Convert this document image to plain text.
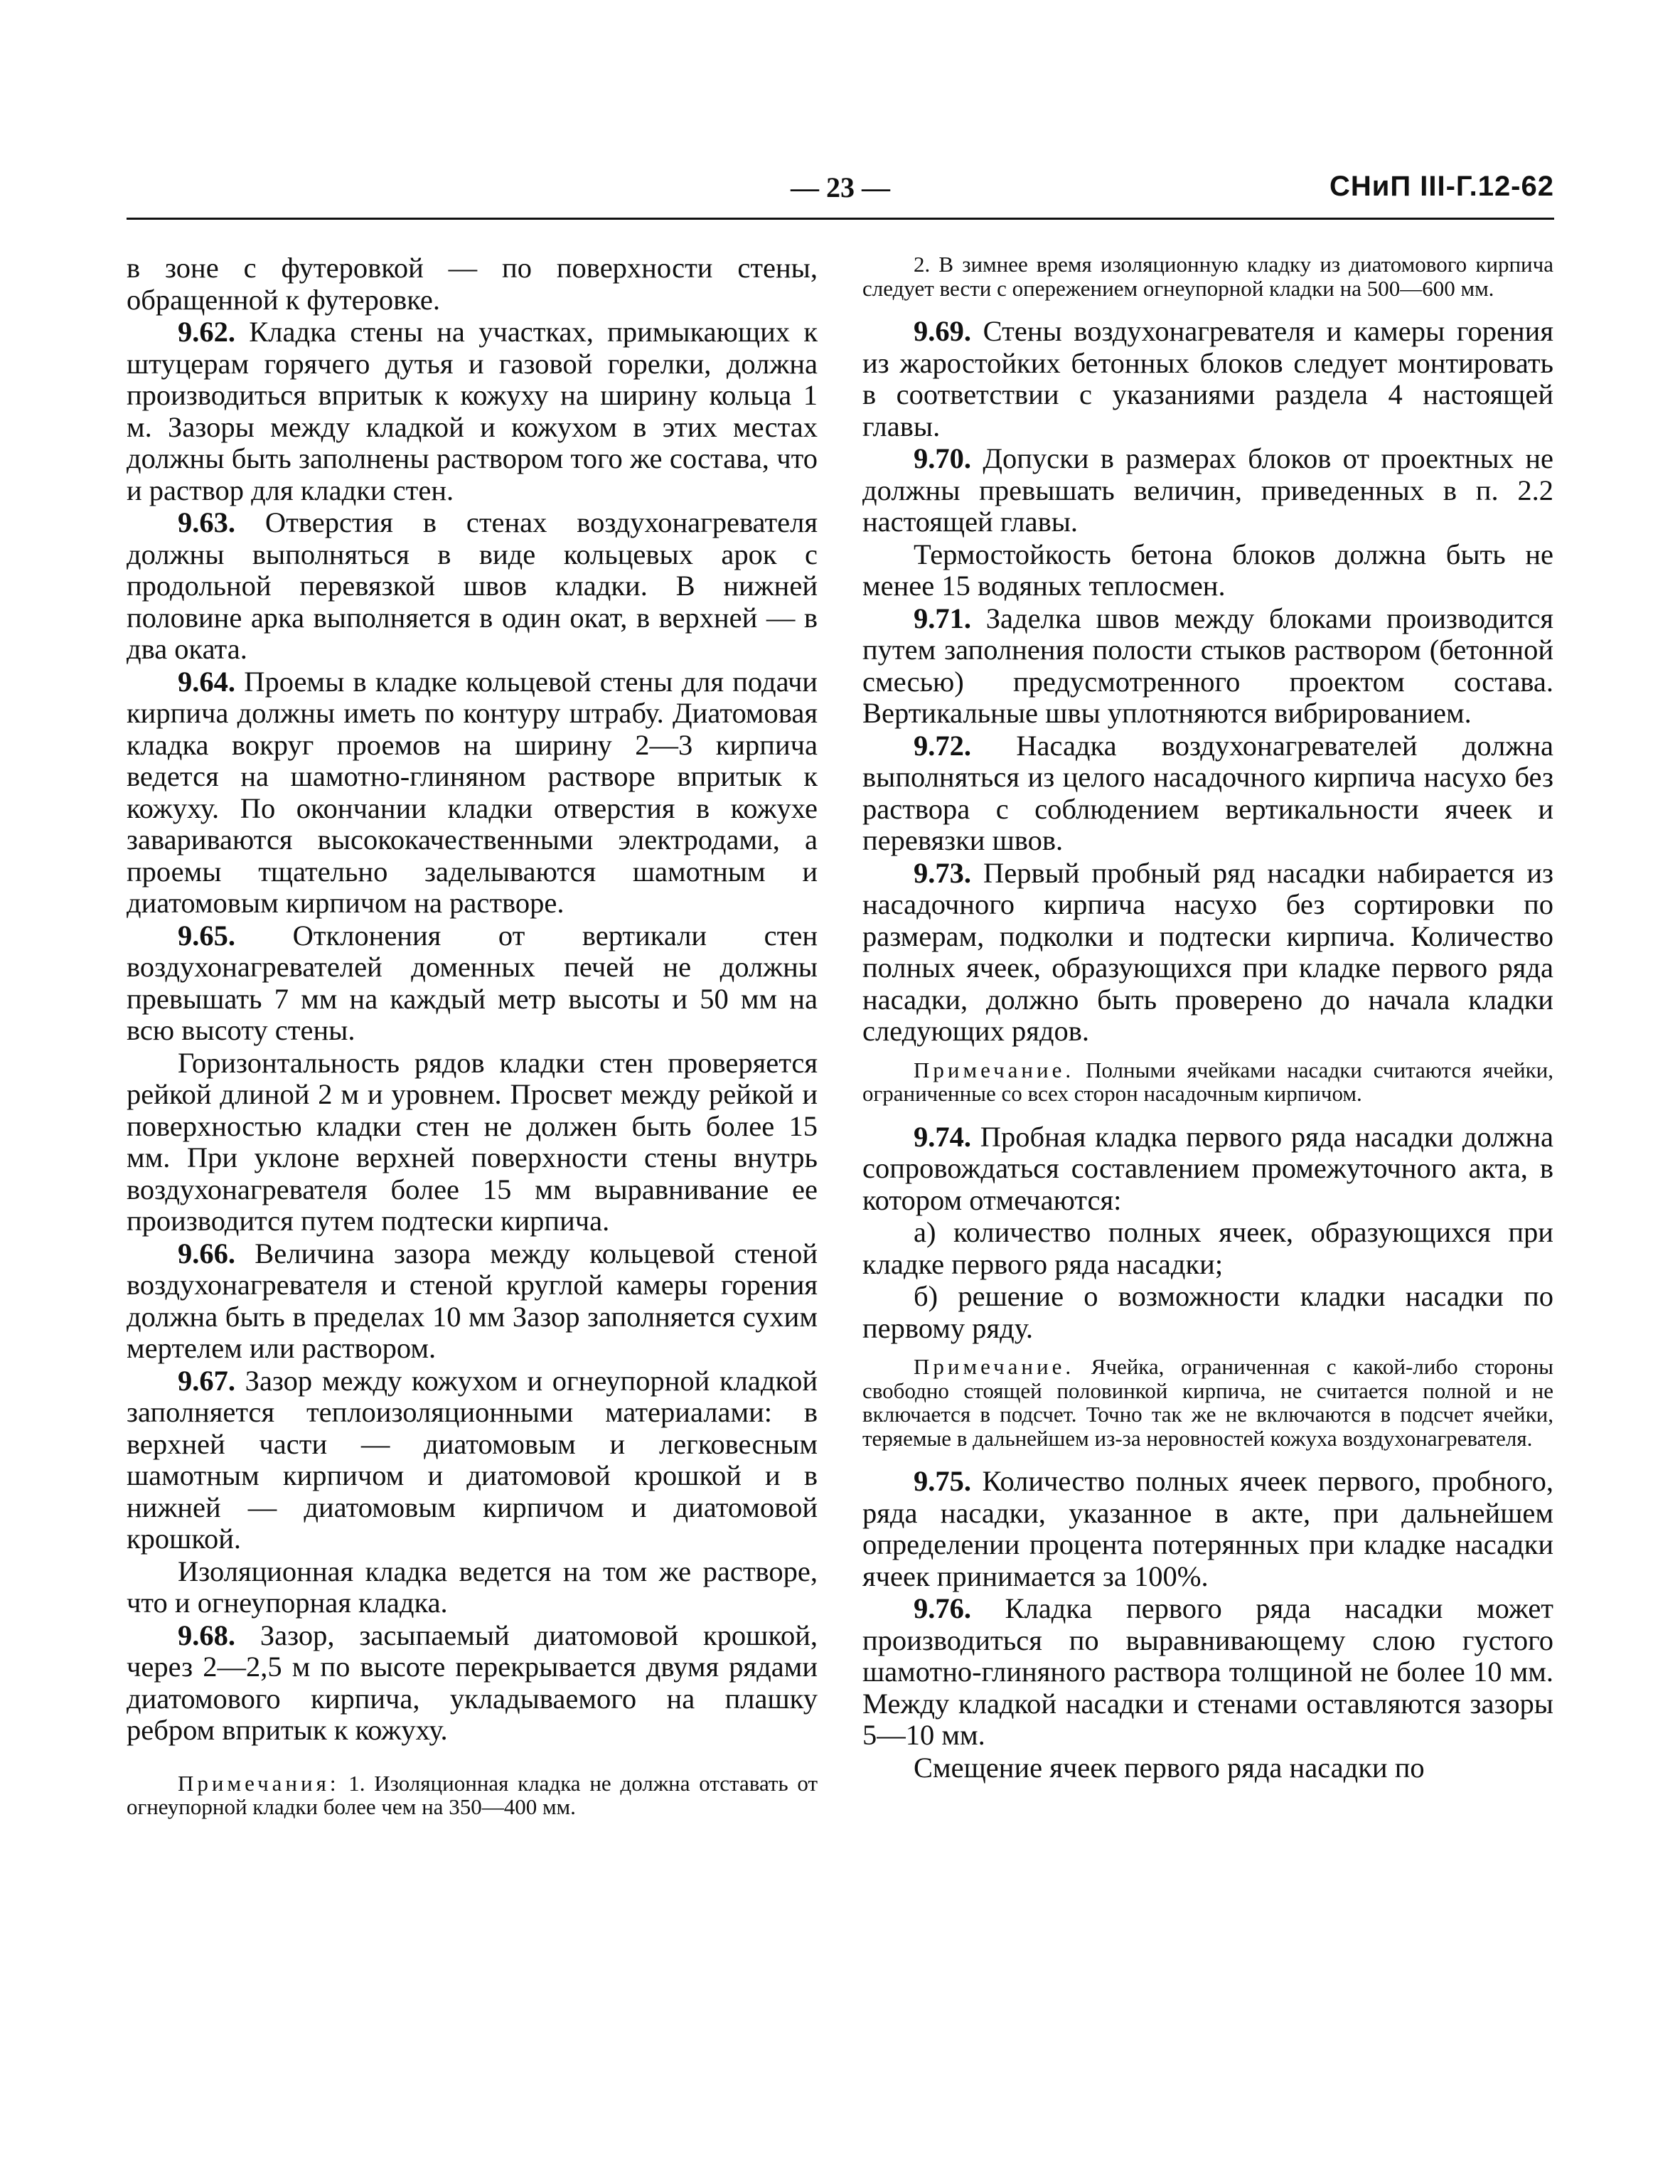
— 23 —	СНиП III-Г.12-62

в зоне с футеровкой — по поверхности стены, обращенной к футеровке.

9.62. Кладка стены на участках, примыкающих к штуцерам горячего дутья и газовой горелки, должна производиться впритык к кожуху на ширину кольца 1 м. Зазоры между кладкой и кожухом в этих местах должны быть заполнены раствором того же состава, что и раствор для кладки стен.

9.63. Отверстия в стенах воздухонагревателя должны выполняться в виде кольцевых арок с продольной перевязкой швов кладки. В нижней половине арка выполняется в один окат, в верхней — в два оката.

9.64. Проемы в кладке кольцевой стены для подачи кирпича должны иметь по контуру штрабу. Диатомовая кладка вокруг проемов на ширину 2—3 кирпича ведется на шамотно-глиняном растворе впритык к кожуху. По окончании кладки отверстия в кожухе завариваются высококачественными электродами, а проемы тщательно заделываются шамотным и диатомовым кирпичом на растворе.

9.65. Отклонения от вертикали стен воздухонагревателей доменных печей не должны превышать 7 мм на каждый метр высоты и 50 мм на всю высоту стены.

Горизонтальность рядов кладки стен проверяется рейкой длиной 2 м и уровнем. Просвет между рейкой и поверхностью кладки стен не должен быть более 15 мм. При уклоне верхней поверхности стены внутрь воздухонагревателя более 15 мм выравнивание ее производится путем подтески кирпича.

9.66. Величина зазора между кольцевой стеной воздухонагревателя и стеной круглой камеры горения должна быть в пределах 10 мм Зазор заполняется сухим мертелем или раствором.

9.67. Зазор между кожухом и огнеупорной кладкой заполняется теплоизоляционными материалами: в верхней части — диатомовым и легковесным шамотным кирпичом и диатомовой крошкой и в нижней — диатомовым кирпичом и диатомовой крошкой.

Изоляционная кладка ведется на том же растворе, что и огнеупорная кладка.

9.68. Зазор, засыпаемый диатомовой крошкой, через 2—2,5 м по высоте перекрывается двумя рядами диатомового кирпича, укладываемого на плашку ребром впритык к кожуху.

Примечания: 1. Изоляционная кладка не должна отставать от огнеупорной кладки более чем на 350—400 мм.

2. В зимнее время изоляционную кладку из диатомового кирпича следует вести с опережением огнеупорной кладки на 500—600 мм.

9.69. Стены воздухонагревателя и камеры горения из жаростойких бетонных блоков следует монтировать в соответствии с указаниями раздела 4 настоящей главы.

9.70. Допуски в размерах блоков от проектных не должны превышать величин, приведенных в п. 2.2 настоящей главы.

Термостойкость бетона блоков должна быть не менее 15 водяных теплосмен.

9.71. Заделка швов между блоками производится путем заполнения полости стыков раствором (бетонной смесью) предусмотренного проектом состава. Вертикальные швы уплотняются вибрированием.

9.72. Насадка воздухонагревателей должна выполняться из целого насадочного кирпича насухо без раствора с соблюдением вертикальности ячеек и перевязки швов.

9.73. Первый пробный ряд насадки набирается из насадочного кирпича насухо без сортировки по размерам, подколки и подтески кирпича. Количество полных ячеек, образующихся при кладке первого ряда насадки, должно быть проверено до начала кладки следующих рядов.

Примечание. Полными ячейками насадки считаются ячейки, ограниченные со всех сторон насадочным кирпичом.

9.74. Пробная кладка первого ряда насадки должна сопровождаться составлением промежуточного акта, в котором отмечаются:

а) количество полных ячеек, образующихся при кладке первого ряда насадки;

б) решение о возможности кладки насадки по первому ряду.

Примечание. Ячейка, ограниченная с какой-либо стороны свободно стоящей половинкой кирпича, не считается полной и не включается в подсчет. Точно так же не включаются в подсчет ячейки, теряемые в дальнейшем из-за неровностей кожуха воздухонагревателя.

9.75. Количество полных ячеек первого, пробного, ряда насадки, указанное в акте, при дальнейшем определении процента потерянных при кладке насадки ячеек принимается за 100%.

9.76. Кладка первого ряда насадки может производиться по выравнивающему слою густого шамотно-глиняного раствора толщиной не более 10 мм. Между кладкой насадки и стенами оставляются зазоры 5—10 мм.

Смещение ячеек первого ряда насадки по
